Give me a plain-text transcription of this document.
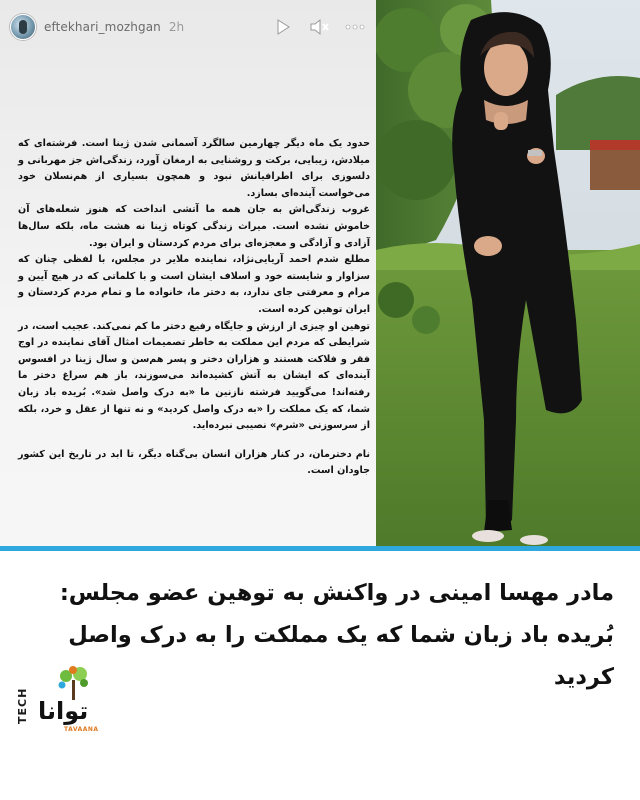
eftekhari_mozhgan 2h

حدود یک ماه دیگر چهارمین سالگرد آسمانی شدن ژینا است. فرشته‌ای که میلادش، زیبایی، برکت و روشنایی به ارمغان آورد، زندگی‌اش جز مهربانی و دلسوزی برای اطرافیانش نبود و همچون بسیاری از هم‌نسلان خود می‌خواست آینده‌ای بسازد.

غروب زندگی‌اش به جان همه ما آتشی انداخت که هنوز شعله‌های آن خاموش نشده است. میراث زندگی کوتاه ژینا نه هشت ماه، بلکه سال‌ها آزادی و آزادگی و معجزه‌ای برای مردم کردستان و ایران بود.

مطلع شدم احمد آریایی‌نژاد، نماینده ملایر در مجلس، با لفظی چنان که سزاوار و شایسته خود و اسلاف ایشان است و با کلماتی که در هیچ آیین و مرام و معرفتی جای ندارد، به دختر ما، خانواده ما و تمام مردم کردستان و ایران توهین کرده است.

توهین او چیزی از ارزش و جایگاه رفیع دختر ما کم نمی‌کند. عجیب است، در شرایطی که مردم این مملکت به خاطر تصمیمات امثال آقای نماینده در اوج فقر و فلاکت هستند و هزاران دختر و پسر هم‌سن و سال ژینا در افسوس آینده‌ای که ایشان به آتش کشیده‌اند می‌سوزند، باز هم سراغ دختر ما رفته‌اند! می‌گویید فرشته نازنین ما «به درک واصل شد». بُریده باد زبان شما، که یک مملکت را «به درک واصل کردید» و نه تنها از عقل و خرد، بلکه از سرسوزنی «شرم» نصیبی نبرده‌اید.

نام دخترمان، در کنار هزاران انسان بی‌گناه دیگر، تا ابد در تاریخ این کشور جاودان است.

مادر مهسا امینی در واکنش به توهین عضو مجلس:
بُریده باد زبان شما که یک مملکت را به درک واصل
کردید
TECH توانا
TAVAANA
